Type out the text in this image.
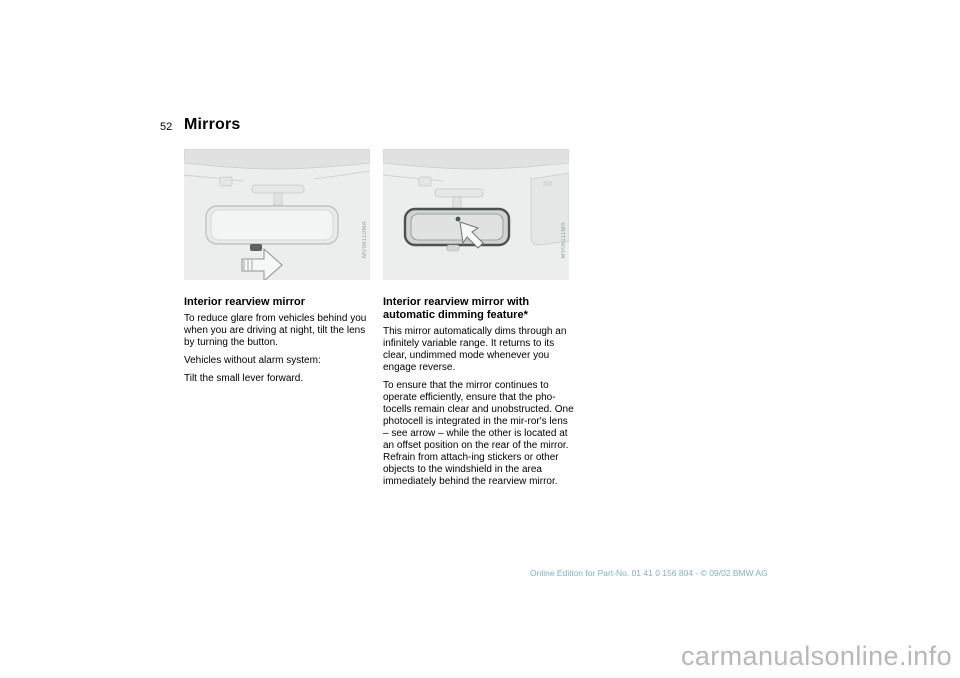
52 Mirrors
MV06110MA	MV06111MA
Interior rearview mirror

To reduce glare from vehicles behind you when you are driving at night, tilt the lens by turning the button.

Vehicles without alarm system:

Tilt the small lever forward.

Interior rearview mirror with automatic dimming feature*

This mirror automatically dims through an infinitely variable range. It returns to its clear, undimmed mode whenever you engage reverse.

To ensure that the mirror continues to operate efficiently, ensure that the pho-tocells remain clear and unobstructed. One photocell is integrated in the mir-ror's lens – see arrow – while the other is located at an offset position on the rear of the mirror. Refrain from attach-ing stickers or other objects to the windshield in the area immediately behind the rearview mirror.

Online Edition for Part-No. 01 41 0 156 804 - © 09/02 BMW AG
carmanualsonline.info
